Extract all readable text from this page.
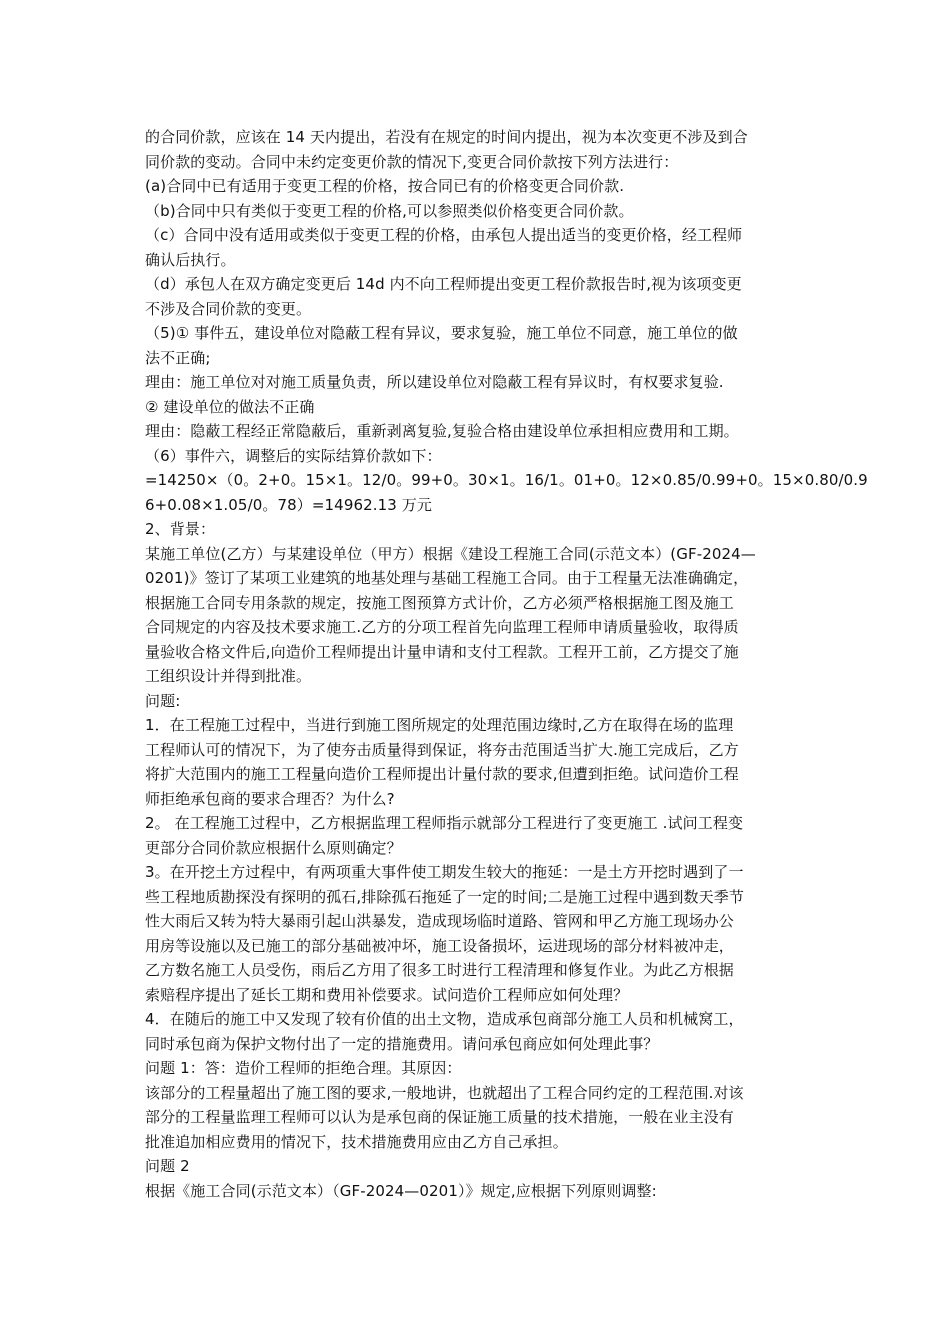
的合同价款，应该在 14 天内提出，若没有在规定的时间内提出，视为本次变更不涉及到合
同价款的变动。合同中未约定变更价款的情况下,变更合同价款按下列方法进行：
(a)合同中已有适用于变更工程的价格，按合同已有的价格变更合同价款.
（b)合同中只有类似于变更工程的价格,可以参照类似价格变更合同价款。
（c）合同中没有适用或类似于变更工程的价格，由承包人提出适当的变更价格，经工程师
确认后执行。
（d）承包人在双方确定变更后 14d 内不向工程师提出变更工程价款报告时,视为该项变更
不涉及合同价款的变更。
（5)① 事件五，建设单位对隐蔽工程有异议，要求复验，施工单位不同意，施工单位的做
法不正确;
理由：施工单位对对施工质量负责，所以建设单位对隐蔽工程有异议时，有权要求复验.
② 建设单位的做法不正确
理由：隐蔽工程经正常隐蔽后，重新剥离复验,复验合格由建设单位承担相应费用和工期。
（6）事件六，调整后的实际结算价款如下：
=14250×（0。2+0。15×1。12/0。99+0。30×1。16/1。01+0。12×0.85/0.99+0。15×0.80/0.9
6+0.08×1.05/0。78）=14962.13 万元
2、背景：
某施工单位(乙方）与某建设单位（甲方）根据《建设工程施工合同(示范文本）(GF-2024—
0201)》签订了某项工业建筑的地基处理与基础工程施工合同。由于工程量无法准确确定，
根据施工合同专用条款的规定，按施工图预算方式计价，乙方必须严格根据施工图及施工
合同规定的内容及技术要求施工.乙方的分项工程首先向监理工程师申请质量验收，取得质
量验收合格文件后,向造价工程师提出计量申请和支付工程款。工程开工前，乙方提交了施
工组织设计并得到批准。
问题:
1．在工程施工过程中，当进行到施工图所规定的处理范围边缘时,乙方在取得在场的监理
工程师认可的情况下，为了使夯击质量得到保证，将夯击范围适当扩大.施工完成后，乙方
将扩大范围内的施工工程量向造价工程师提出计量付款的要求,但遭到拒绝。试问造价工程
师拒绝承包商的要求合理否？为什么?
2。 在工程施工过程中，乙方根据监理工程师指示就部分工程进行了变更施工 .试问工程变
更部分合同价款应根据什么原则确定？
3。在开挖土方过程中，有两项重大事件使工期发生较大的拖延：一是土方开挖时遇到了一
些工程地质勘探没有探明的孤石,排除孤石拖延了一定的时间;二是施工过程中遇到数天季节
性大雨后又转为特大暴雨引起山洪暴发，造成现场临时道路、管网和甲乙方施工现场办公
用房等设施以及已施工的部分基础被冲坏，施工设备损坏，运进现场的部分材料被冲走，
乙方数名施工人员受伤，雨后乙方用了很多工时进行工程清理和修复作业。为此乙方根据
索赔程序提出了延长工期和费用补偿要求。试问造价工程师应如何处理？
4．在随后的施工中又发现了较有价值的出土文物，造成承包商部分施工人员和机械窝工，
同时承包商为保护文物付出了一定的措施费用。请问承包商应如何处理此事？
问题 1：答：造价工程师的拒绝合理。其原因：
该部分的工程量超出了施工图的要求,一般地讲，也就超出了工程合同约定的工程范围.对该
部分的工程量监理工程师可以认为是承包商的保证施工质量的技术措施，一般在业主没有
批准追加相应费用的情况下，技术措施费用应由乙方自己承担。
问题 2
根据《施工合同(示范文本）（GF-2024—0201）》规定,应根据下列原则调整:
